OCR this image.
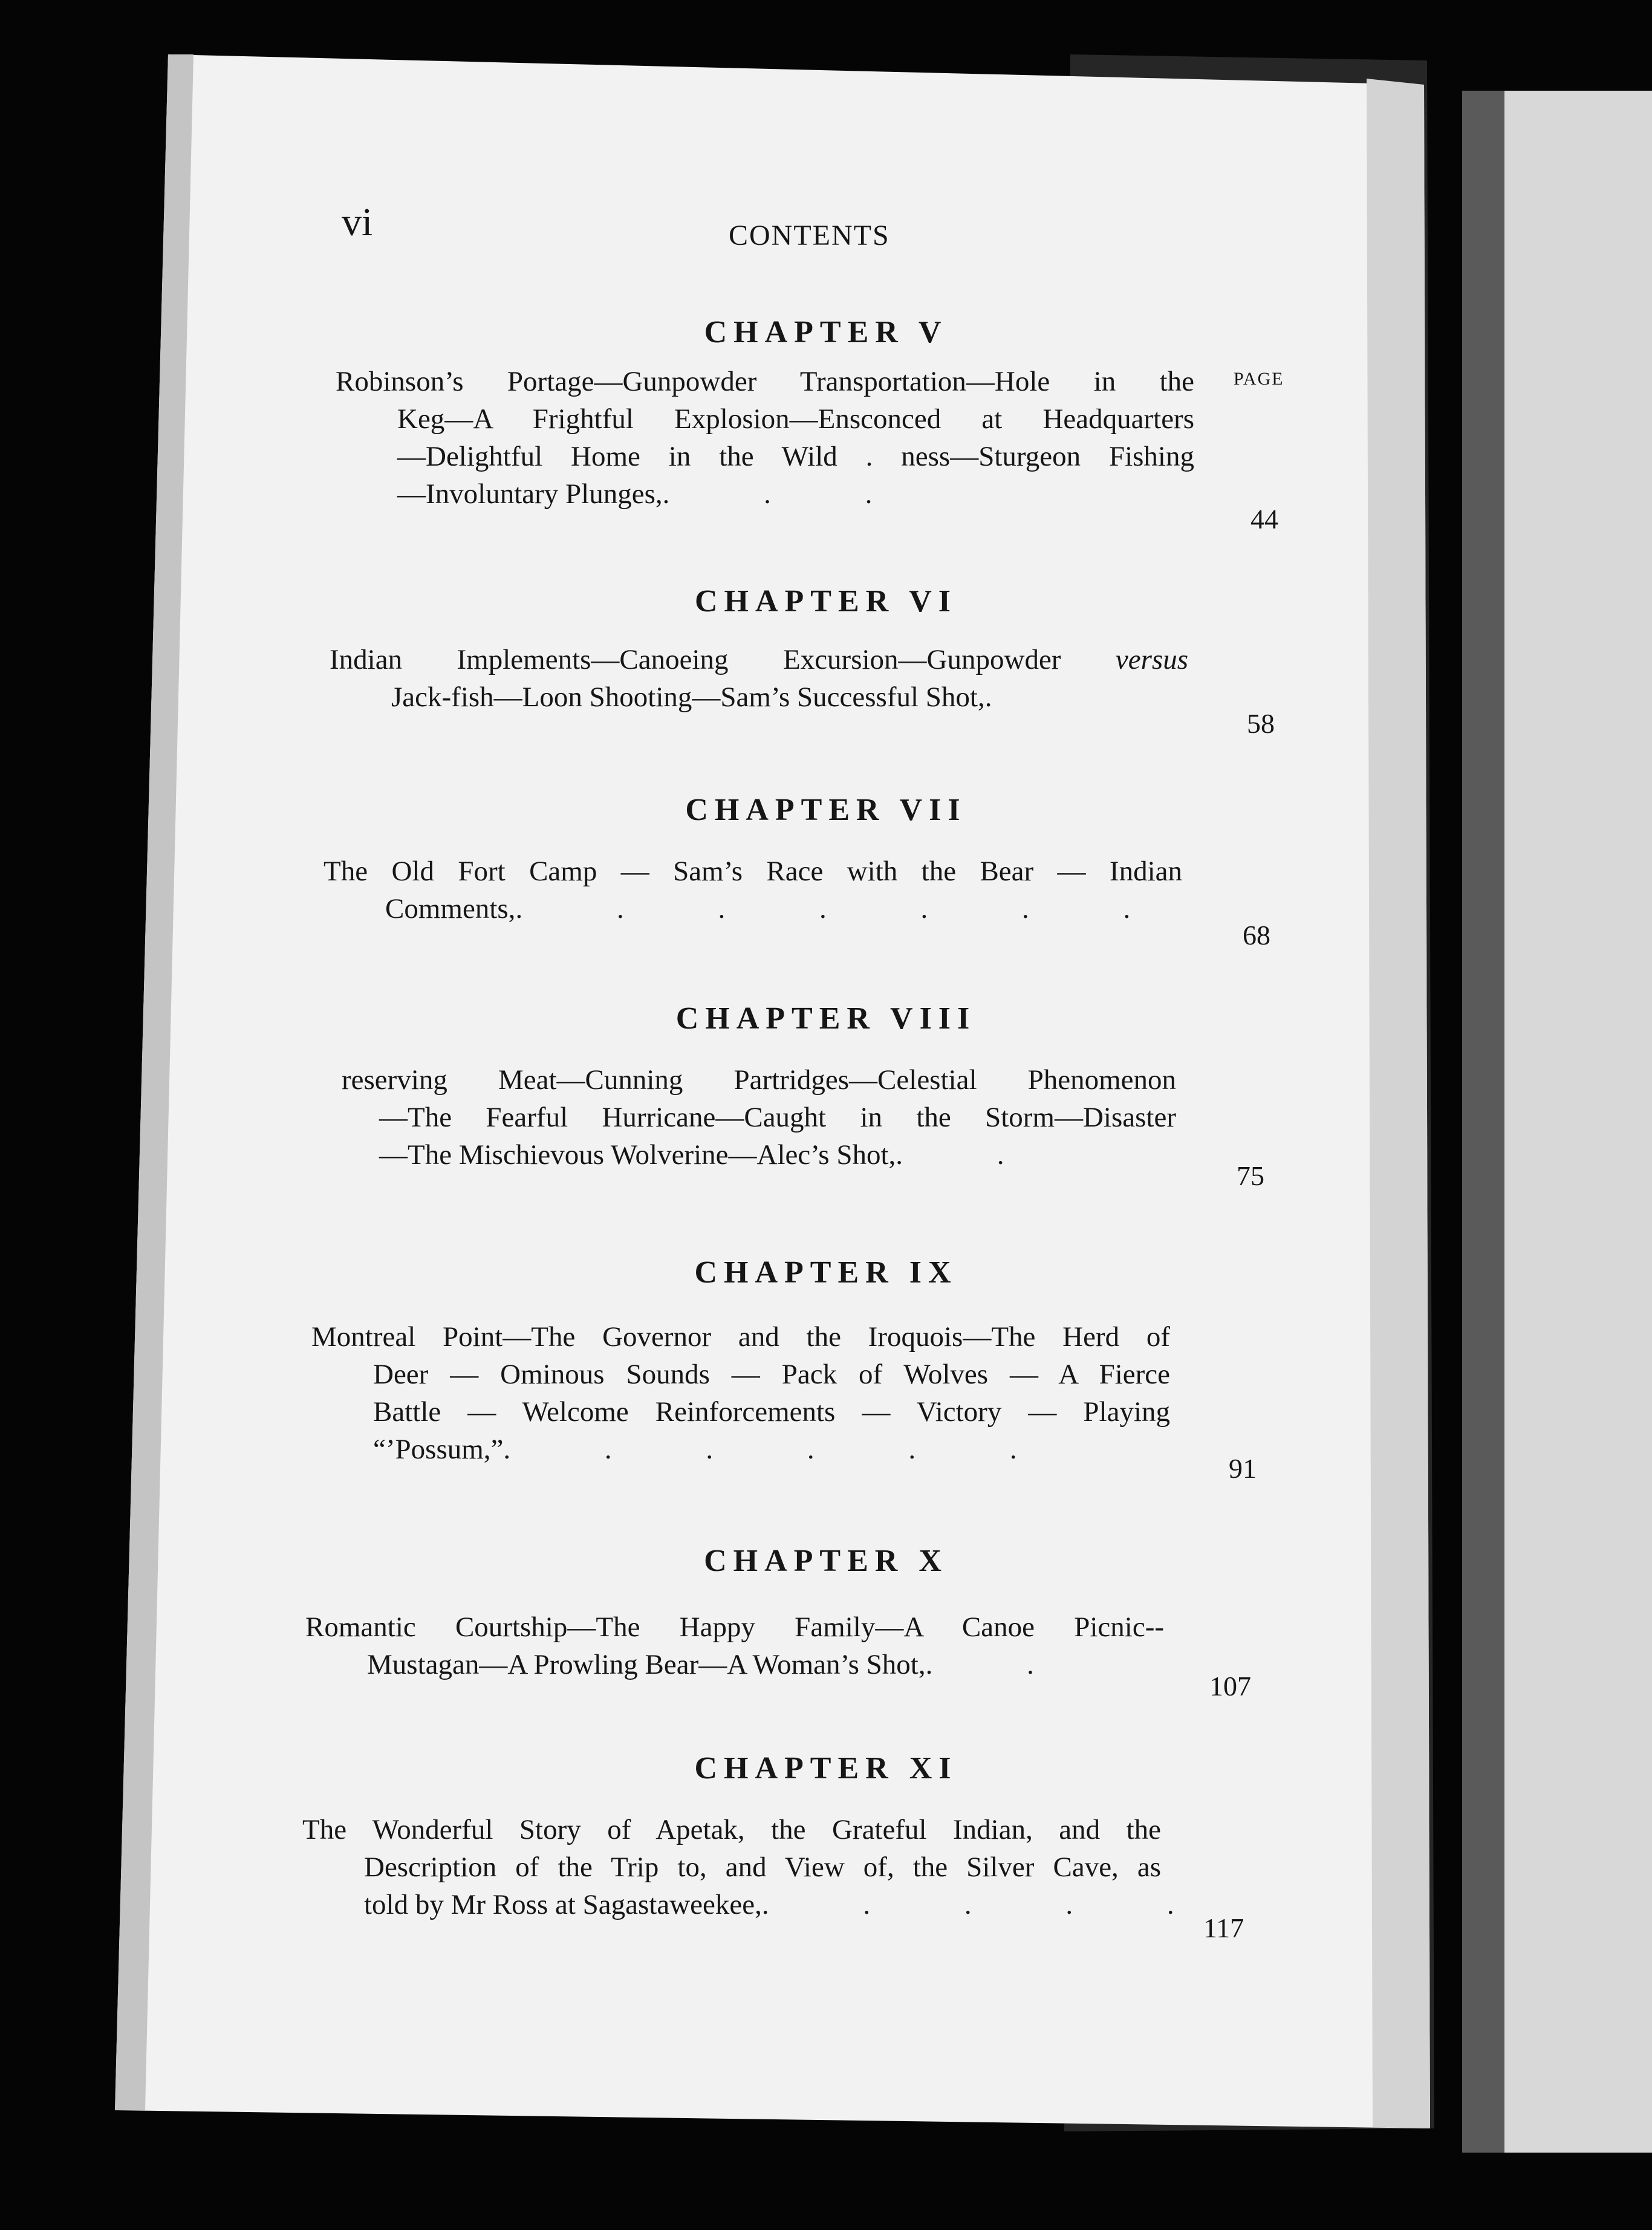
vi	CONTENTS

PAGE

CHAPTER V
Robinson’s Portage—Gunpowder Transportation—Hole in the
Keg—A Frightful Explosion—Ensconced at Headquarters
—Delightful Home in the Wild . ness—Sturgeon Fishing
—Involuntary Plunges, . . .

44

CHAPTER VI
Indian Implements—Canoeing Excursion—Gunpowder versus
Jack-fish—Loon Shooting—Sam’s Successful Shot, .

58

CHAPTER VII
The Old Fort Camp — Sam’s Race with the Bear — Indian
Comments, . . . . . . .

68

CHAPTER VIII
reserving Meat—Cunning Partridges—Celestial Phenomenon
—The Fearful Hurricane—Caught in the Storm—Disaster
—The Mischievous Wolverine—Alec’s Shot, . .

75

CHAPTER IX
Montreal Point—The Governor and the Iroquois—The Herd of
Deer — Ominous Sounds — Pack of Wolves — A Fierce
Battle — Welcome Reinforcements — Victory — Playing
“’Possum,” . . . . . .

91

CHAPTER X
Romantic Courtship—The Happy Family—A Canoe Picnic--
Mustagan—A Prowling Bear—A Woman’s Shot, . .

107

CHAPTER XI
The Wonderful Story of Apetak, the Grateful Indian, and the
Description of the Trip to, and View of, the Silver Cave, as
told by Mr Ross at Sagastaweekee, . . . . .

117
